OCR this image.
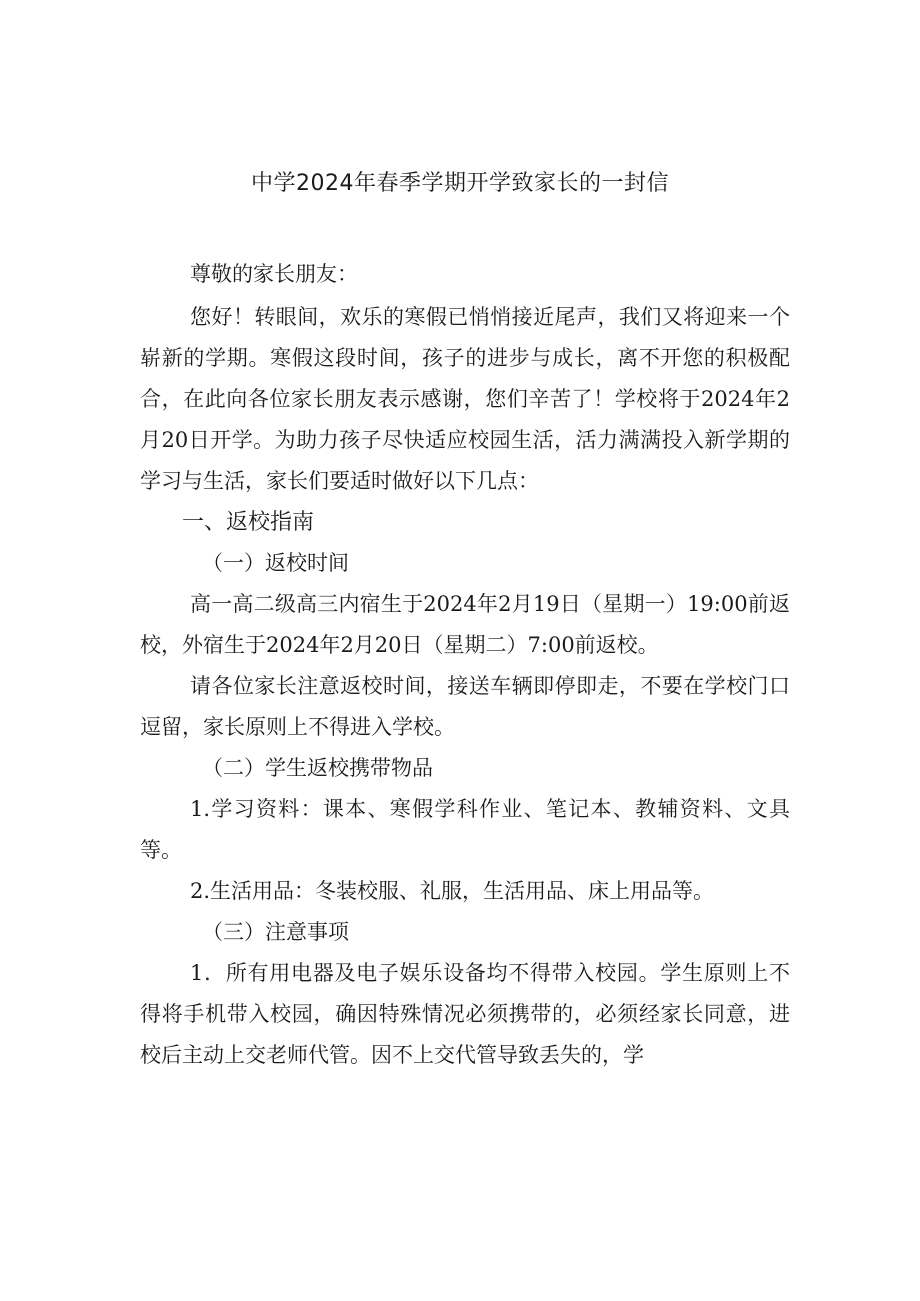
中学2024年春季学期开学致家长的一封信

尊敬的家长朋友：

您好！转眼间，欢乐的寒假已悄悄接近尾声，我们又将迎来一个崭新的学期。寒假这段时间，孩子的进步与成长，离不开您的积极配合，在此向各位家长朋友表示感谢，您们辛苦了！学校将于2024年2月20日开学。为助力孩子尽快适应校园生活，活力满满投入新学期的学习与生活，家长们要适时做好以下几点：

一、返校指南

（一）返校时间

高一高二级高三内宿生于2024年2月19日（星期一）19:00前返校，外宿生于2024年2月20日（星期二）7:00前返校。

请各位家长注意返校时间，接送车辆即停即走，不要在学校门口逗留，家长原则上不得进入学校。

（二）学生返校携带物品

1.学习资料：课本、寒假学科作业、笔记本、教辅资料、文具等。

2.生活用品：冬装校服、礼服，生活用品、床上用品等。

（三）注意事项

1．所有用电器及电子娱乐设备均不得带入校园。学生原则上不得将手机带入校园，确因特殊情况必须携带的，必须经家长同意，进校后主动上交老师代管。因不上交代管导致丢失的，学
